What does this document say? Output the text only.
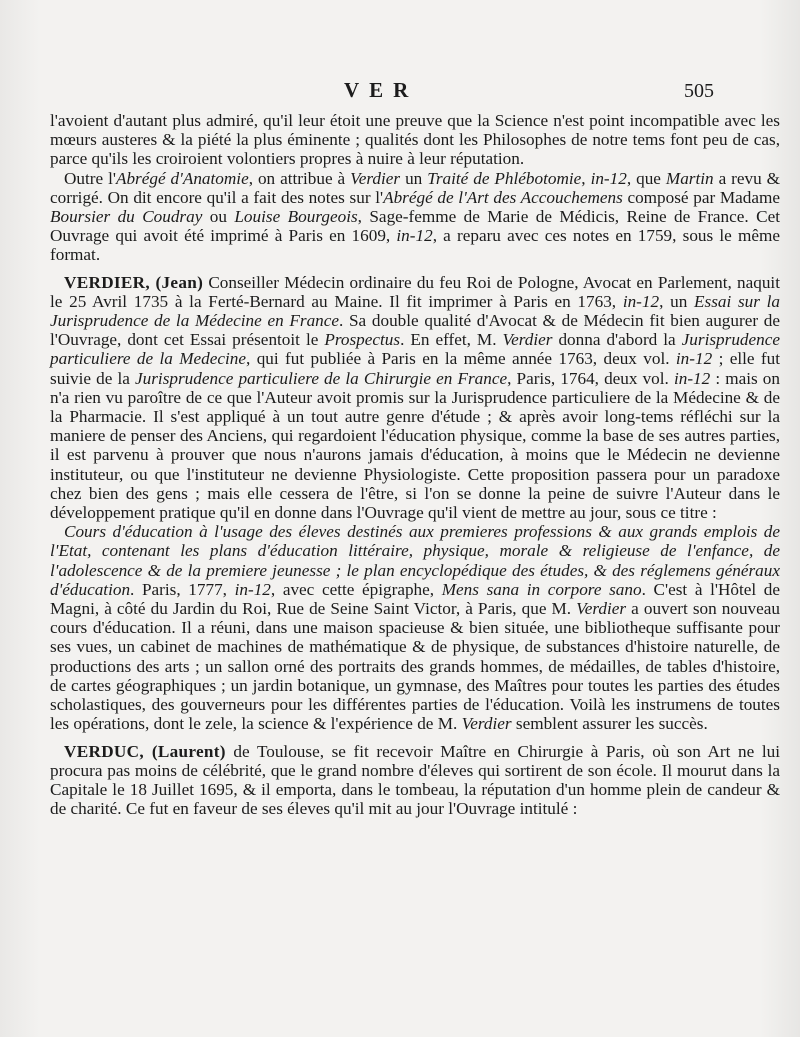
VER	505

l'avoient d'autant plus admiré, qu'il leur étoit une preuve que la Science n'est point incompatible avec les mœurs austeres & la piété la plus éminente ; qualités dont les Philosophes de notre tems font peu de cas, parce qu'ils les croiroient volontiers propres à nuire à leur réputation.

Outre l'Abrégé d'Anatomie, on attribue à Verdier un Traité de Phlébotomie, in-12, que Martin a revu & corrigé. On dit encore qu'il a fait des notes sur l'Abrégé de l'Art des Accouchemens composé par Madame Boursier du Coudray ou Louise Bourgeois, Sage-femme de Marie de Médicis, Reine de France. Cet Ouvrage qui avoit été imprimé à Paris en 1609, in-12, a reparu avec ces notes en 1759, sous le même format.

VERDIER, (Jean) Conseiller Médecin ordinaire du feu Roi de Pologne, Avocat en Parlement, naquit le 25 Avril 1735 à la Ferté-Bernard au Maine. Il fit imprimer à Paris en 1763, in-12, un Essai sur la Jurisprudence de la Médecine en France. Sa double qualité d'Avocat & de Médecin fit bien augurer de l'Ouvrage, dont cet Essai présentoit le Prospectus. En effet, M. Verdier donna d'abord la Jurisprudence particuliere de la Medecine, qui fut publiée à Paris en la même année 1763, deux vol. in-12 ; elle fut suivie de la Jurisprudence particuliere de la Chirurgie en France, Paris, 1764, deux vol. in-12 : mais on n'a rien vu paroître de ce que l'Auteur avoit promis sur la Jurisprudence particuliere de la Médecine & de la Pharmacie. Il s'est appliqué à un tout autre genre d'étude ; & après avoir long-tems réfléchi sur la maniere de penser des Anciens, qui regardoient l'éducation physique, comme la base de ses autres parties, il est parvenu à prouver que nous n'aurons jamais d'éducation, à moins que le Médecin ne devienne instituteur, ou que l'instituteur ne devienne Physiologiste. Cette proposition passera pour un paradoxe chez bien des gens ; mais elle cessera de l'être, si l'on se donne la peine de suivre l'Auteur dans le développement pratique qu'il en donne dans l'Ouvrage qu'il vient de mettre au jour, sous ce titre :

Cours d'éducation à l'usage des éleves destinés aux premieres professions & aux grands emplois de l'Etat, contenant les plans d'éducation littéraire, physique, morale & religieuse de l'enfance, de l'adolescence & de la premiere jeunesse ; le plan encyclopédique des études, & des réglemens généraux d'éducation. Paris, 1777, in-12, avec cette épigraphe, Mens sana in corpore sano. C'est à l'Hôtel de Magni, à côté du Jardin du Roi, Rue de Seine Saint Victor, à Paris, que M. Verdier a ouvert son nouveau cours d'éducation. Il a réuni, dans une maison spacieuse & bien située, une bibliotheque suffisante pour ses vues, un cabinet de machines de mathématique & de physique, de substances d'histoire naturelle, de productions des arts ; un sallon orné des portraits des grands hommes, de médailles, de tables d'histoire, de cartes géographiques ; un jardin botanique, un gymnase, des Maîtres pour toutes les parties des études scholastiques, des gouverneurs pour les différentes parties de l'éducation. Voilà les instrumens de toutes les opérations, dont le zele, la science & l'expérience de M. Verdier semblent assurer les succès.

VERDUC, (Laurent) de Toulouse, se fit recevoir Maître en Chirurgie à Paris, où son Art ne lui procura pas moins de célébrité, que le grand nombre d'éleves qui sortirent de son école. Il mourut dans la Capitale le 18 Juillet 1695, & il emporta, dans le tombeau, la réputation d'un homme plein de candeur & de charité. Ce fut en faveur de ses éleves qu'il mit au jour l'Ouvrage intitulé :
